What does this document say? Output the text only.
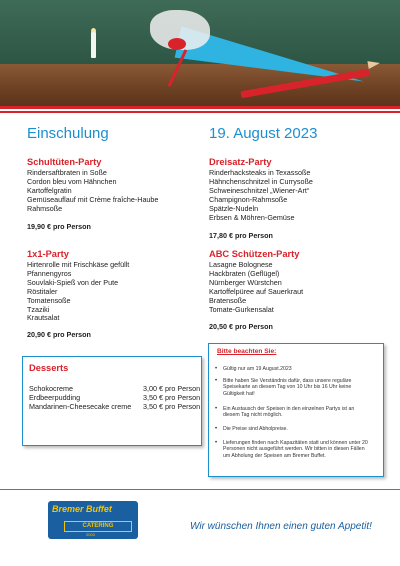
Einschulung	19. August 2023
Schultüten-Party
Rindersaftbraten in Soße
Cordon bleu vom Hähnchen
Kartoffelgratin
Gemüseauflauf mit Crème fraîche-Haube
Rahmsoße
19,90 € pro Person
1x1-Party
Hirtenrolle mit Frischkäse gefüllt
Pfannengyros
Souvlaki-Spieß von der Pute
Röstitaler
Tomatensoße
Tzaziki
Krautsalat
20,90 € pro Person
Dreisatz-Party
Rinderhacksteaks in Texassoße
Hähnchenschnitzel in Currysoße
Schweineschnitzel „Wiener-Art“
Champignon-Rahmsoße
Spätzle-Nudeln
Erbsen & Möhren-Gemüse
17,80 € pro Person
ABC Schützen-Party
Lasagne Bolognese
Hackbraten (Geflügel)
Nürnberger Würstchen
Kartoffelpüree auf Sauerkraut
Bratensoße
Tomate-Gurkensalat
20,50 € pro Person
Desserts
Schokocreme	3,00 € pro Person
Erdbeerpudding	3,50 € pro Person
Mandarinen-Cheesecake creme 3,50 € pro Person
Bitte beachten Sie:
• Gültig nur am 19 August.2023
• Bitte haben Sie Verständnis dafür, dass unsere reguläre Speisekarte an diesem Tag von 10 Uhr bis 16 Uhr keine Gültigkeit hat!
• Ein Austausch der Speisen in den einzelnen Partys ist an diesem Tag nicht möglich.
• Die Preise sind Abholpreise.
• Lieferungen finden nach Kapazitäten statt und können unter 20 Personen nicht ausgeführt werden. Wir bitten in diesen Fällen um Abholung der Speisen am Bremer Buffet.
Bremer Buffet
CATERING
2003
Wir wünschen Ihnen einen guten Appetit!
